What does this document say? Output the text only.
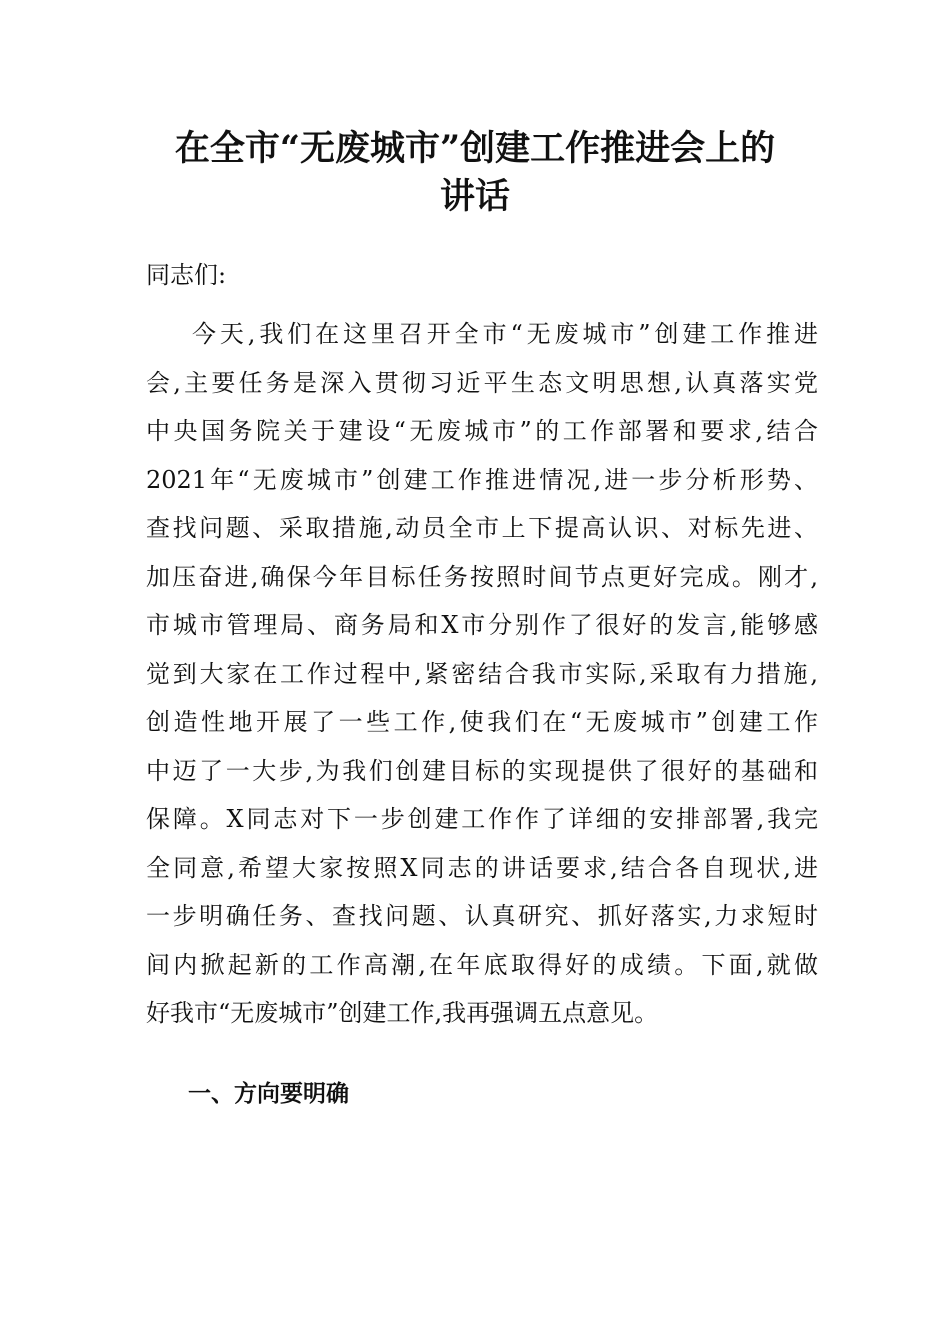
在全市“无废城市”创建工作推进会上的
讲话

同志们:

今天,我们在这里召开全市“无废城市”创建工作推进
会,主要任务是深入贯彻习近平生态文明思想,认真落实党
中央国务院关于建设“无废城市”的工作部署和要求,结合
2021年“无废城市”创建工作推进情况,进一步分析形势、
查找问题、采取措施,动员全市上下提高认识、对标先进、
加压奋进,确保今年目标任务按照时间节点更好完成。刚才,
市城市管理局、商务局和X市分别作了很好的发言,能够感
觉到大家在工作过程中,紧密结合我市实际,采取有力措施,
创造性地开展了一些工作,使我们在“无废城市”创建工作
中迈了一大步,为我们创建目标的实现提供了很好的基础和
保障。X同志对下一步创建工作作了详细的安排部署,我完
全同意,希望大家按照X同志的讲话要求,结合各自现状,进
一步明确任务、查找问题、认真研究、抓好落实,力求短时
间内掀起新的工作高潮,在年底取得好的成绩。下面,就做
好我市“无废城市”创建工作,我再强调五点意见。
一、方向要明确
